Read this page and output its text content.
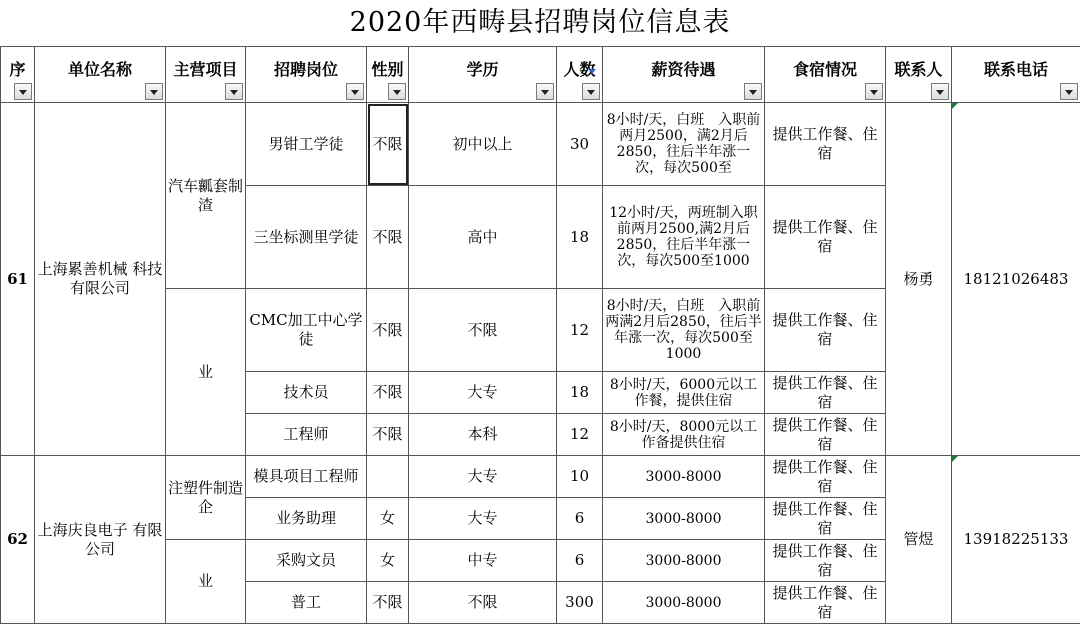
2020年西畴县招聘岗位信息表
序	单位名称	主营项目	招聘岗位	性别	学历	人数	薪资待遇	食宿情况	联系人	联系电话

61	上海累善机械 科技有限公司	汽车瓤套制渣	男钳工学徒	不限	初中以上	30	8小时/天，白班　入职前两月2500，满2月后2850，往后半年涨一次，每次500至	提供工作餐、住宿	杨勇	18121026483
			三坐标测里学徒	不限	高中	18	12小时/天，两班制入职前两月2500,满2月后2850，往后半年涨一次，每次500至1000	提供工作餐、住宿		
		业	CMC加工中心学徒	不限	不限	12	8小时/天，白班　入职前两满2月后2850，往后半年涨一次，每次500至1000	提供工作餐、住宿		
			技术员	不限	大专	18	8小时/天，6000元以工作餐，提供住宿	提供工作餐、住宿		
			工程师	不限	本科	12	8小时/天，8000元以工作备提供住宿	提供工作餐、住宿		
62	上海庆良电子 有限公司	注塑件制造企	模具项目工程师		大专	10	3000-8000	提供工作餐、住宿	管煜	13918225133
			业务助理	女	大专	6	3000-8000	提供工作餐、住宿		
		业	采购文员	女	中专	6	3000-8000	提供工作餐、住宿		
			普工	不限	不限	300	3000-8000	提供工作餐、住宿		
